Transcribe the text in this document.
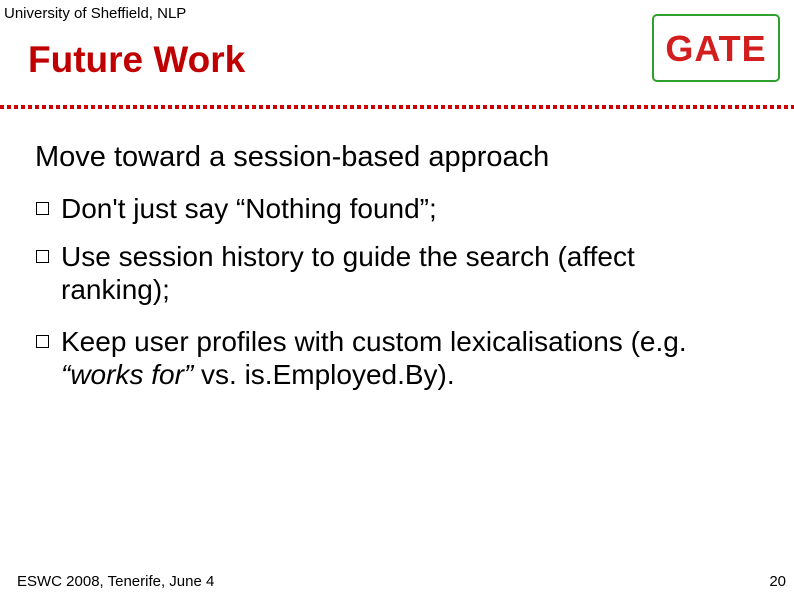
University of Sheffield, NLP
Future Work	GATE
Move toward a session-based approach
Don't just say “Nothing found”;
Use session history to guide the search (affect
ranking);
Keep user profiles with custom lexicalisations (e.g.
“works for” vs. is.Employed.By).
ESWC 2008, Tenerife, June 4	20
